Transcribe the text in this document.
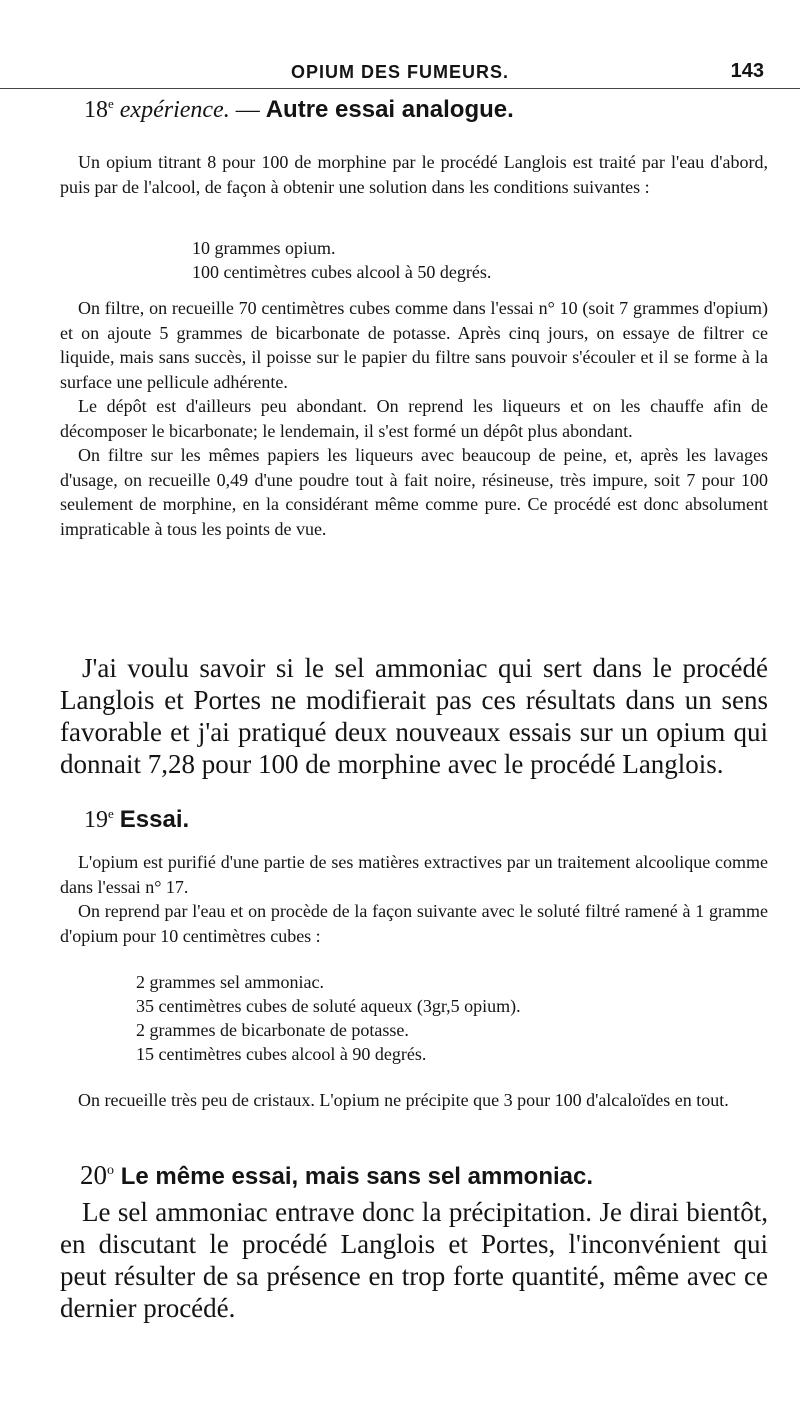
OPIUM DES FUMEURS.	143
18e expérience. — Autre essai analogue.

Un opium titrant 8 pour 100 de morphine par le procédé Langlois est traité par l'eau d'abord, puis par de l'alcool, de façon à obtenir une solution dans les conditions suivantes :

10 grammes opium.
100 centimètres cubes alcool à 50 degrés.

On filtre, on recueille 70 centimètres cubes comme dans l'essai n° 10 (soit 7 grammes d'opium) et on ajoute 5 grammes de bicarbonate de potasse. Après cinq jours, on essaye de filtrer ce liquide, mais sans succès, il poisse sur le papier du filtre sans pouvoir s'écouler et il se forme à la surface une pellicule adhérente.

Le dépôt est d'ailleurs peu abondant. On reprend les liqueurs et on les chauffe afin de décomposer le bicarbonate; le lendemain, il s'est formé un dépôt plus abondant.

On filtre sur les mêmes papiers les liqueurs avec beaucoup de peine, et, après les lavages d'usage, on recueille 0,49 d'une poudre tout à fait noire, résineuse, très impure, soit 7 pour 100 seulement de morphine, en la considérant même comme pure. Ce procédé est donc absolument impraticable à tous les points de vue.

J'ai voulu savoir si le sel ammoniac qui sert dans le procédé Langlois et Portes ne modifierait pas ces résultats dans un sens favorable et j'ai pratiqué deux nouveaux essais sur un opium qui donnait 7,28 pour 100 de morphine avec le procédé Langlois.

19e Essai.

L'opium est purifié d'une partie de ses matières extractives par un traitement alcoolique comme dans l'essai n° 17.

On reprend par l'eau et on procède de la façon suivante avec le soluté filtré ramené à 1 gramme d'opium pour 10 centimètres cubes :

2 grammes sel ammoniac.
35 centimètres cubes de soluté aqueux (3gr,5 opium).
2 grammes de bicarbonate de potasse.
15 centimètres cubes alcool à 90 degrés.

On recueille très peu de cristaux. L'opium ne précipite que 3 pour 100 d'alcaloïdes en tout.

20$^o$ Le même essai, mais sans sel ammoniac.

Le sel ammoniac entrave donc la précipitation. Je dirai bientôt, en discutant le procédé Langlois et Portes, l'inconvénient qui peut résulter de sa présence en trop forte quantité, même avec ce dernier procédé.
